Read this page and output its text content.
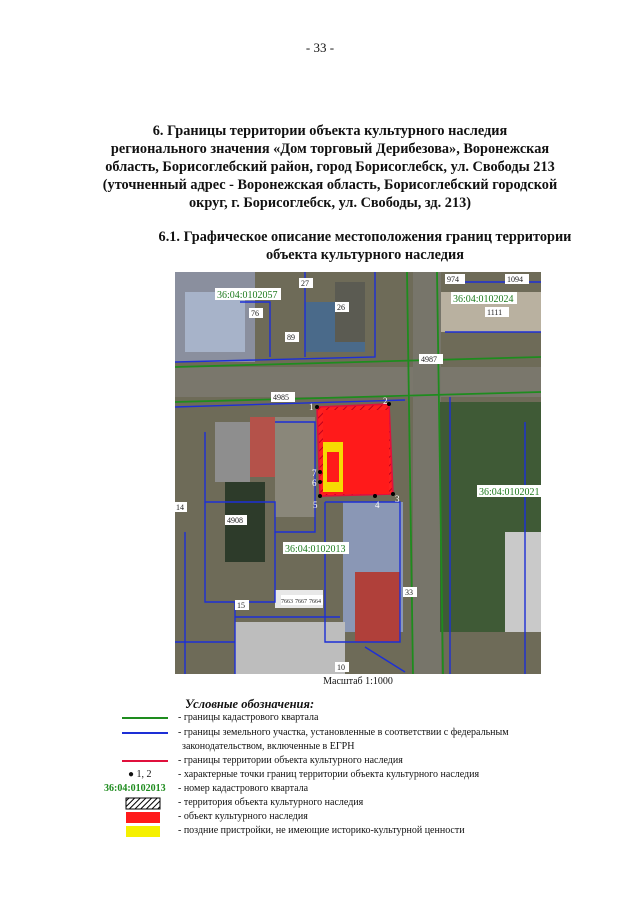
- 33 -
6. Границы территории объекта культурного наследия
регионального значения «Дом торговый Дерибезова», Воронежская
область, Борисоглебский район, город Борисоглебск, ул. Свободы 213
(уточненный адрес - Воронежская область, Борисоглебский городской
округ, г. Борисоглебск, ул. Свободы, зд. 213)
6.1. Графическое описание местоположения границ территории
объекта культурного наследия
1
2
3
4
5
6
7
36:04:0102057	36:04:0102024
36:04:0102021
36:04:0102013
27
76
26
974	1094
1111
4987
4985
14
4908
89
33
15	7663 7667 7664
10
Масштаб 1:1000
Условные обозначения:
- границы кадастрового квартала
- границы земельного участка, установленные в соответствии с федеральным
законодательством, включенные в ЕГРН
- границы территории объекта культурного наследия
● 1, 2	- характерные точки границ территории объекта культурного наследия
36:04:0102013	- номер кадастрового квартала
- территория объекта культурного наследия
- объект культурного наследия
- поздние пристройки, не имеющие историко-культурной ценности
